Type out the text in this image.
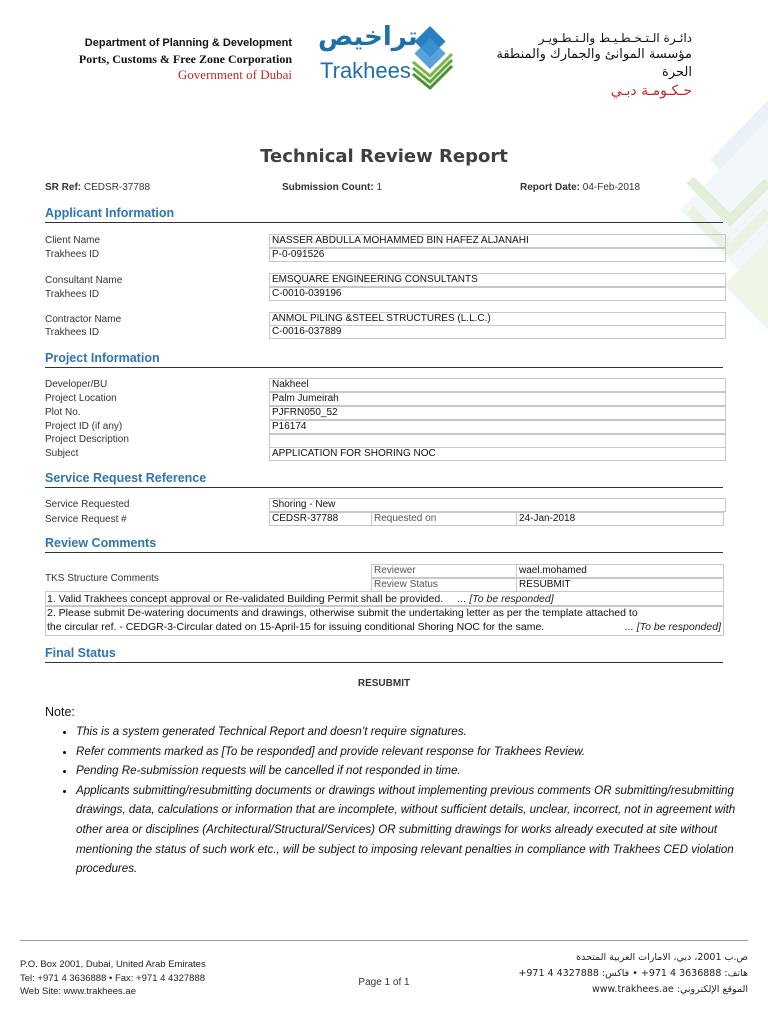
Department of Planning & Development
Ports, Customs & Free Zone Corporation
Government of Dubai
تراخيص
Trakhees
دائـرة الـتـخـطـيـط والـتـطـويـر
مؤسسة الموانئ والجمارك والمنطقة الحرة
حـكـومـة دبـي
Technical Review Report
SR Ref: CEDSR-37788	Submission Count: 1	Report Date: 04-Feb-2018
Applicant Information
Client Name	NASSER ABDULLA MOHAMMED BIN HAFEZ ALJANAHI
Trakhees ID	P-0-091526
Consultant Name	EMSQUARE ENGINEERING CONSULTANTS
Trakhees ID	C-0010-039196
Contractor Name	ANMOL PILING &STEEL STRUCTURES (L.L.C.)
Trakhees ID	C-0016-037889
Project Information
Developer/BU	Nakheel
Project Location	Palm Jumeirah
Plot No.	PJFRN050_52
Project ID (if any)	P16174
Project Description
Subject	APPLICATION FOR SHORING NOC
Service Request Reference
Service Requested	Shoring - New
Service Request #	CEDSR-37788	Requested on	24-Jan-2018
Review Comments
TKS Structure Comments
Reviewer	wael.mohamed
Review Status	RESUBMIT
1. Valid Trakhees concept approval or Re-validated Building Permit shall be provided. ... [To be responded]
2. Please submit De-watering documents and drawings, otherwise submit the undertaking letter as per the template attached to
the circular ref. - CEDGR-3-Circular dated on 15-April-15 for issuing conditional Shoring NOC for the same.	... [To be responded]
Final Status
RESUBMIT
Note:
• This is a system generated Technical Report and doesn’t require signatures.
• Refer comments marked as [To be responded] and provide relevant response for Trakhees Review.
• Pending Re-submission requests will be cancelled if not responded in time.
• Applicants submitting/resubmitting documents or drawings without implementing previous comments OR submitting/resubmitting drawings, data, calculations or information that are incomplete, without sufficient details, unclear, incorrect, not in agreement with other area or disciplines (Architectural/Structural/Services) OR submitting drawings for works already executed at site without mentioning the status of such work etc., will be subject to imposing relevant penalties in compliance with Trakhees CED violation procedures.
P.O. Box 2001, Dubai, United Arab Emirates
Tel: +971 4 3636888 • Fax: +971 4 4327888
Web Site: www.trakhees.ae
Page 1 of 1
ص.ب 2001، دبي، الامارات العربية المتحدة
هاتف: 3636888 4 971+ • فاكس: 4327888 4 971+
الموقع الإلكتروني: www.trakhees.ae
